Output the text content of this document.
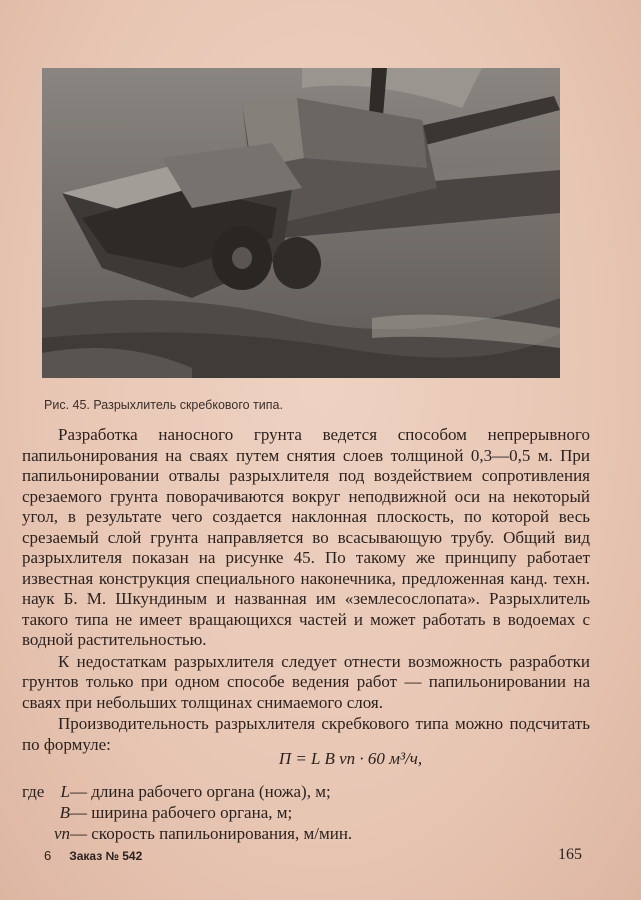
Рис. 45. Разрыхлитель скребкового типа.

Разработка наносного грунта ведется способом непрерывного папильонирования на сваях путем снятия слоев толщиной 0,3—0,5 м. При папильонировании отвалы разрыхлителя под воздействием сопротивления срезаемого грунта поворачиваются вокруг неподвижной оси на некоторый угол, в результате чего создается наклонная плоскость, по которой весь срезаемый слой грунта направляется во всасывающую трубу. Общий вид разрыхлителя показан на рисунке 45. По такому же принципу работает известная конструкция специального наконечника, предложенная канд. техн. наук Б. М. Шкундиным и названная им «землесослопата». Разрыхлитель такого типа не имеет вращающихся частей и может работать в водоемах с водной растительностью.

К недостаткам разрыхлителя следует отнести возможность разработки грунтов только при одном способе ведения работ — папильонировании на сваях при небольших толщинах снимаемого слоя.

Производительность разрыхлителя скребкового типа можно подсчитать по формуле:

П = L B vп · 60 м³/ч,
где L— длина рабочего органа (ножа), м;
B— ширина рабочего органа, м;
vп— скорость папильонирования, м/мин.
6 Заказ № 542	165
